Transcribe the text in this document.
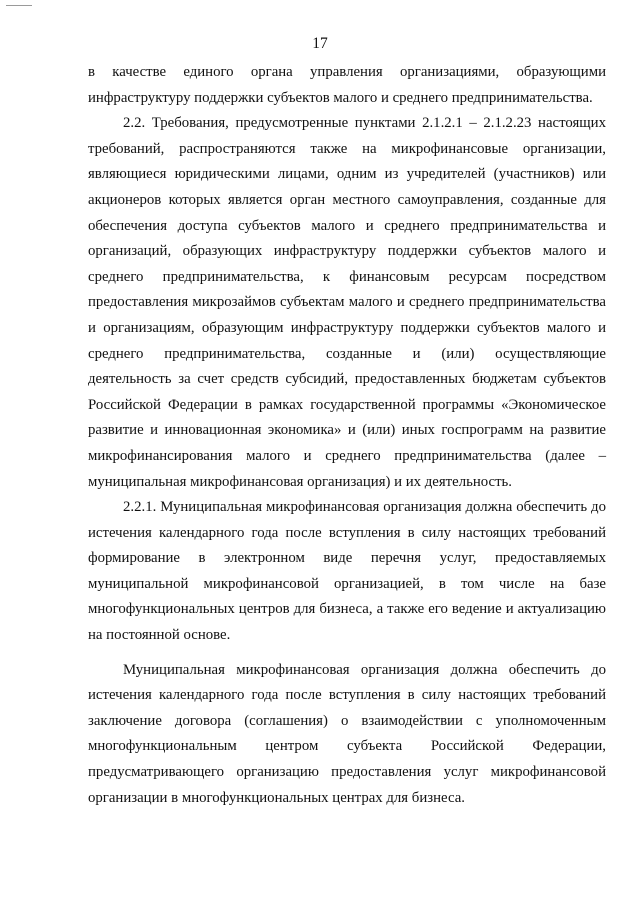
17

в качестве единого органа управления организациями, образующими инфраструктуру поддержки субъектов малого и среднего предпринимательства.

2.2. Требования, предусмотренные пунктами 2.1.2.1 – 2.1.2.23 настоящих требований, распространяются также на микрофинансовые организации, являющиеся юридическими лицами, одним из учредителей (участников) или акционеров которых является орган местного самоуправления, созданные для обеспечения доступа субъектов малого и среднего предпринимательства и организаций, образующих инфраструктуру поддержки субъектов малого и среднего предпринимательства, к финансовым ресурсам посредством предоставления микрозаймов субъектам малого и среднего предпринимательства и организациям, образующим инфраструктуру поддержки субъектов малого и среднего предпринимательства, созданные и (или) осуществляющие деятельность за счет средств субсидий, предоставленных бюджетам субъектов Российской Федерации в рамках государственной программы «Экономическое развитие и инновационная экономика» и (или) иных госпрограмм на развитие микрофинансирования малого и среднего предпринимательства (далее – муниципальная микрофинансовая организация) и их деятельность.

2.2.1. Муниципальная микрофинансовая организация должна обеспечить до истечения календарного года после вступления в силу настоящих требований формирование в электронном виде перечня услуг, предоставляемых муниципальной микрофинансовой организацией, в том числе на базе многофункциональных центров для бизнеса, а также его ведение и актуализацию на постоянной основе.

Муниципальная микрофинансовая организация должна обеспечить до истечения календарного года после вступления в силу настоящих требований заключение договора (соглашения) о взаимодействии с уполномоченным многофункциональным центром субъекта Российской Федерации, предусматривающего организацию предоставления услуг микрофинансовой организации в многофункциональных центрах для бизнеса.
